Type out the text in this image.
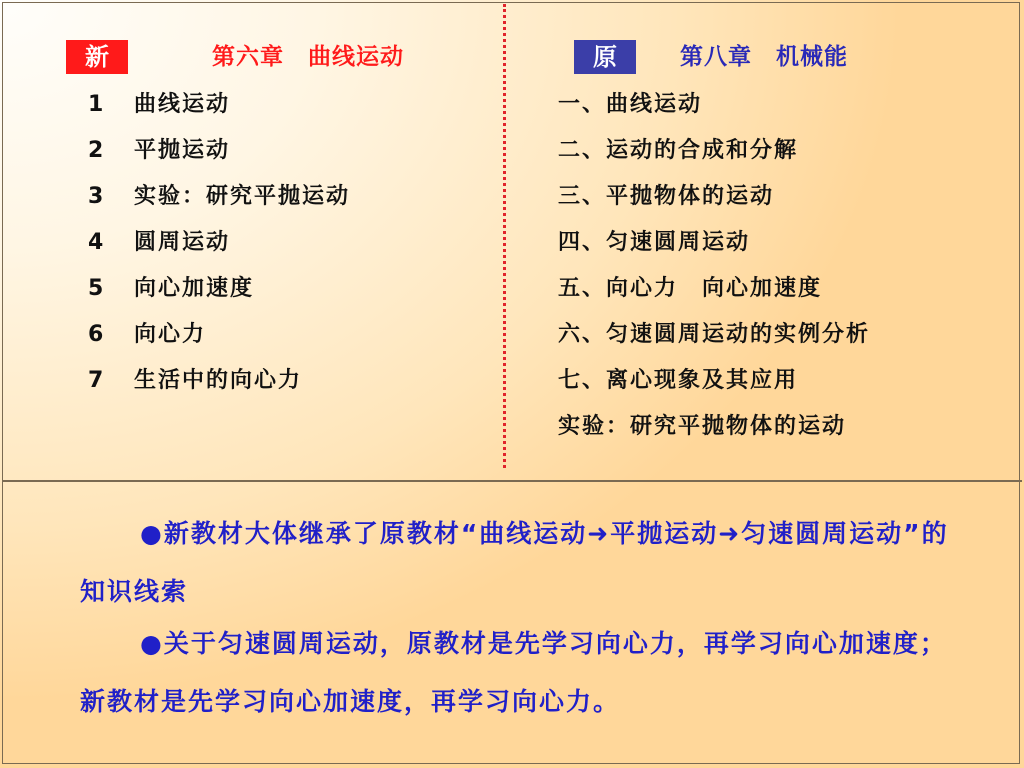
新	第六章　曲线运动
1 曲线运动
2 平抛运动
3 实验：研究平抛运动
4 圆周运动
5 向心加速度
6 向心力
7 生活中的向心力
原	第八章　机械能
一、曲线运动
二、运动的合成和分解
三、平抛物体的运动
四、匀速圆周运动
五、向心力　向心加速度
六、匀速圆周运动的实例分析
七、离心现象及其应用
实验：研究平抛物体的运动

●新教材大体继承了原教材“曲线运动➜平抛运动➜匀速圆周运动”的知识线索

●关于匀速圆周运动，原教材是先学习向心力，再学习向心加速度；新教材是先学习向心加速度，再学习向心力。
